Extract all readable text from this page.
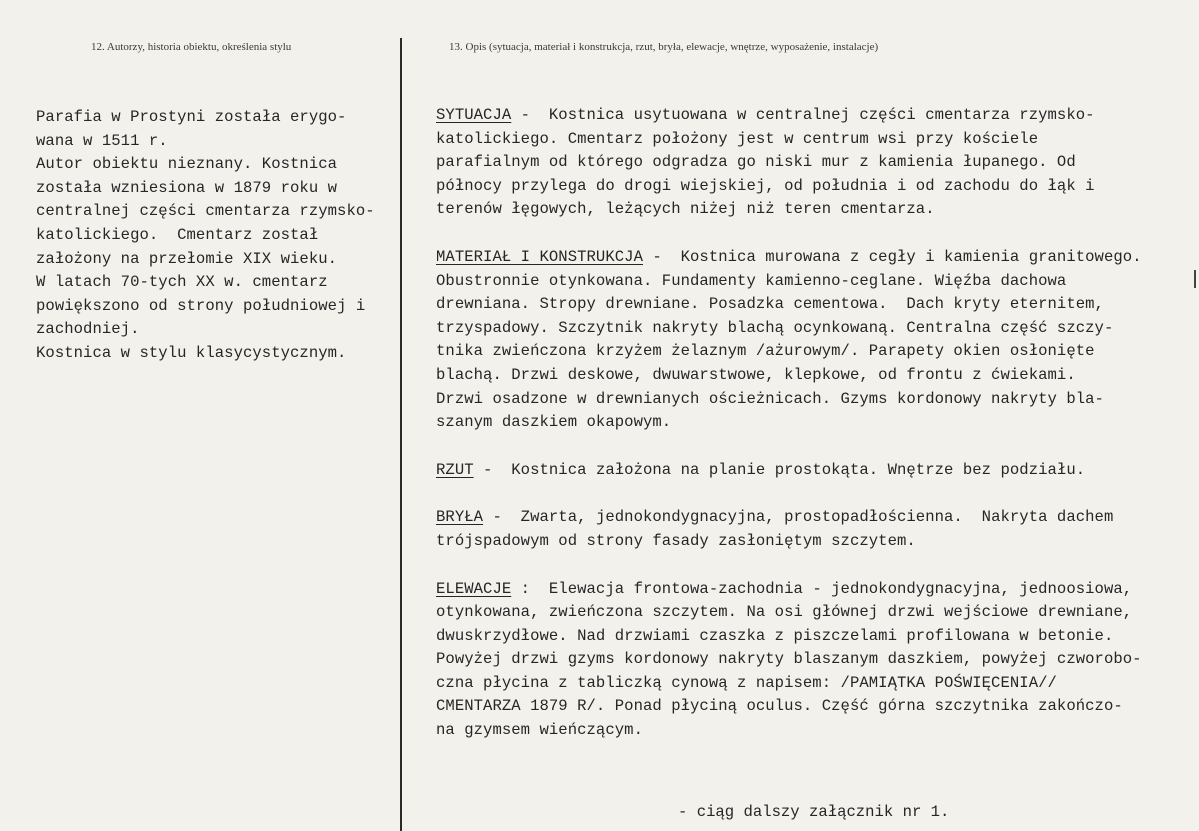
12. Autorzy, historia obiektu, określenia stylu	13. Opis (sytuacja, materiał i konstrukcja, rzut, bryła, elewacje, wnętrze, wyposażenie, instalacje)
Parafia w Prostyni została erygo-
wana w 1511 r.
Autor obiektu nieznany. Kostnica
została wzniesiona w 1879 roku w
centralnej części cmentarza rzymsko-
katolickiego.  Cmentarz został
założony na przełomie XIX wieku.
W latach 70-tych XX w. cmentarz
powiększono od strony południowej i
zachodniej.
Kostnica w stylu klasycystycznym.
SYTUACJA -  Kostnica usytuowana w centralnej części cmentarza rzymsko-
katolickiego. Cmentarz położony jest w centrum wsi przy kościele
parafialnym od którego odgradza go niski mur z kamienia łupanego. Od
północy przylega do drogi wiejskiej, od południa i od zachodu do łąk i
terenów łęgowych, leżących niżej niż teren cmentarza.
MATERIAŁ I KONSTRUKCJA -  Kostnica murowana z cegły i kamienia granitowego.
Obustronnie otynkowana. Fundamenty kamienno-ceglane. Więźba dachowa
drewniana. Stropy drewniane. Posadzka cementowa.  Dach kryty eternitem,
trzyspadowy. Szczytnik nakryty blachą ocynkowaną. Centralna część szczy-
tnika zwieńczona krzyżem żelaznym /ażurowym/. Parapety okien osłonięte
blachą. Drzwi deskowe, dwuwarstwowe, klepkowe, od frontu z ćwiekami.
Drzwi osadzone w drewnianych ościeżnicach. Gzyms kordonowy nakryty bla-
szanym daszkiem okapowym.
RZUT -  Kostnica założona na planie prostokąta. Wnętrze bez podziału.
BRYŁA -  Zwarta, jednokondygnacyjna, prostopadłościenna.  Nakryta dachem
trójspadowym od strony fasady zasłoniętym szczytem.
ELEWACJE :  Elewacja frontowa-zachodnia - jednokondygnacyjna, jednoosiowa,
otynkowana, zwieńczona szczytem. Na osi głównej drzwi wejściowe drewniane,
dwuskrzydłowe. Nad drzwiami czaszka z piszczelami profilowana w betonie.
Powyżej drzwi gzyms kordonowy nakryty blaszanym daszkiem, powyżej czworobo-
czna płycina z tabliczką cynową z napisem: /PAMIĄTKA POŚWIĘCENIA//
CMENTARZA 1879 R/. Ponad płyciną oculus. Część górna szczytnika zakończo-
na gzymsem wieńczącym.
- ciąg dalszy załącznik nr 1.
